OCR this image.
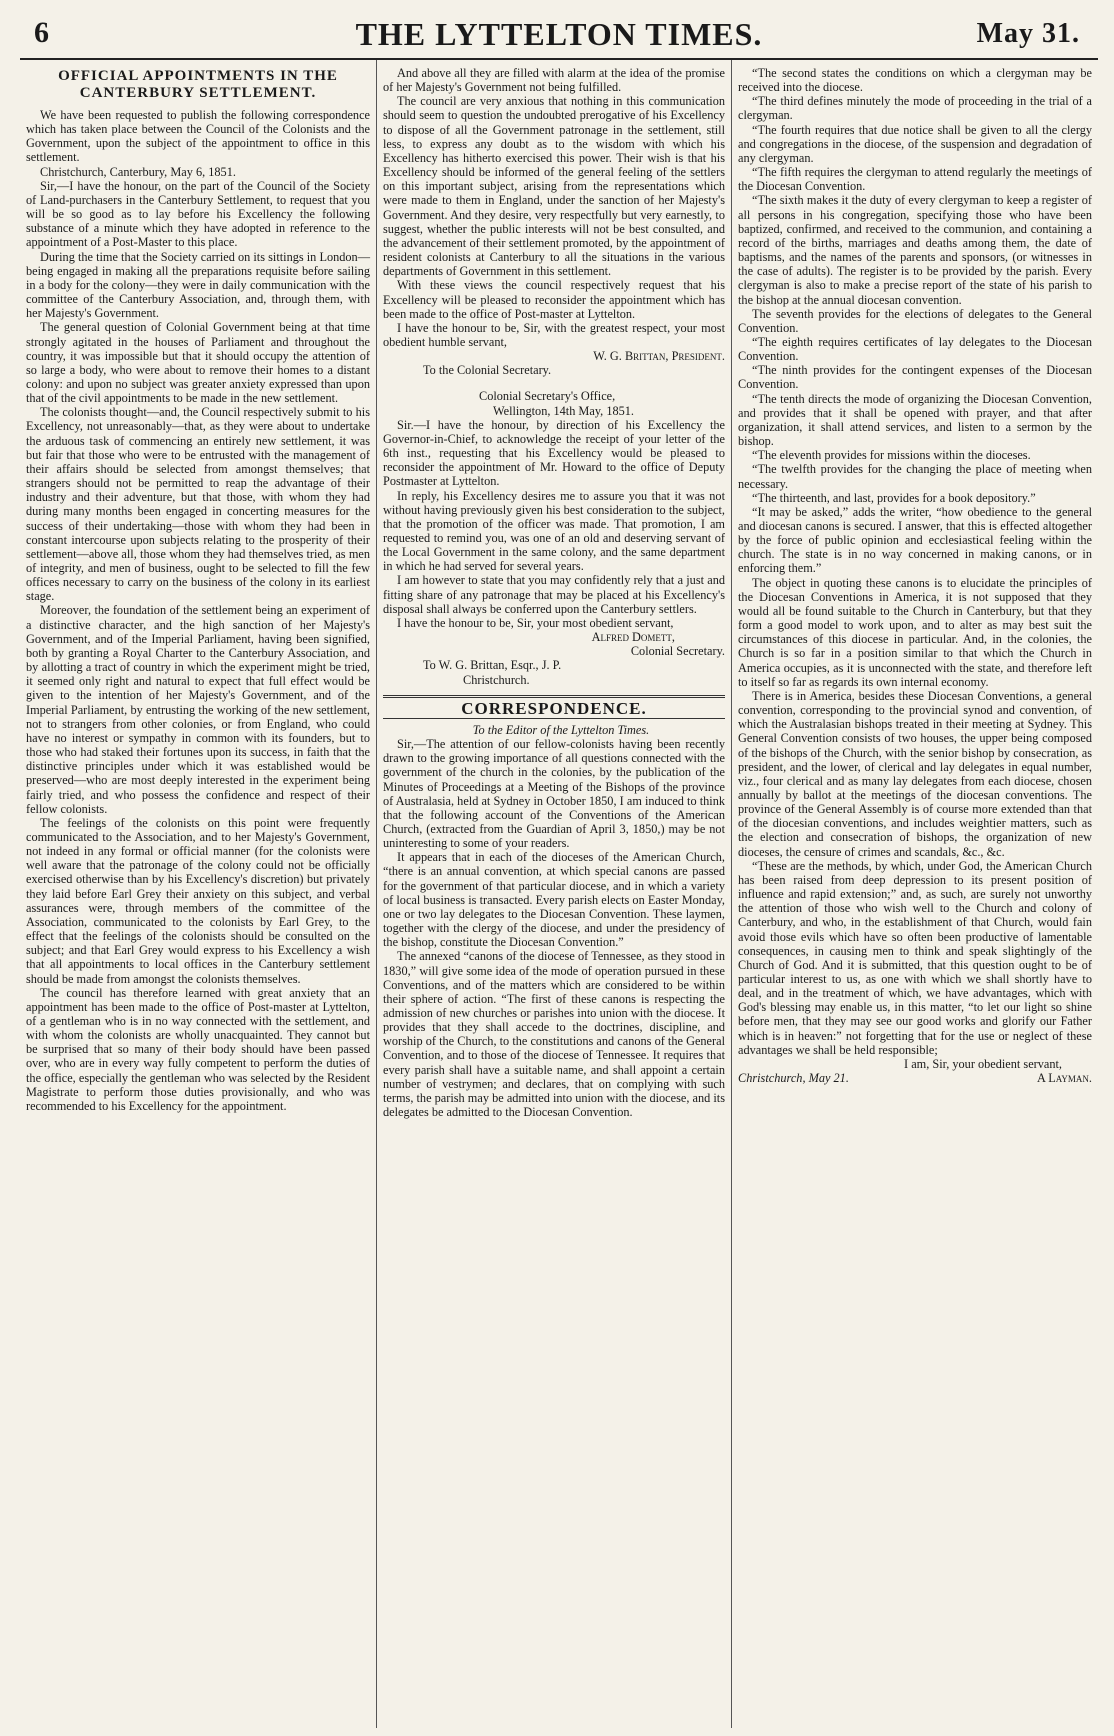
6	THE LYTTELTON TIMES.	May 31.
OFFICIAL APPOINTMENTS IN THE CANTERBURY SETTLEMENT.

We have been requested to publish the following correspondence which has taken place between the Council of the Colonists and the Government, upon the subject of the appointment to office in this settlement.

Christchurch, Canterbury, May 6, 1851.

Sir,—I have the honour, on the part of the Council of the Society of Land-purchasers in the Canterbury Settlement, to request that you will be so good as to lay before his Excellency the following substance of a minute which they have adopted in reference to the appointment of a Post-Master to this place.

During the time that the Society carried on its sittings in London—being engaged in making all the preparations requisite before sailing in a body for the colony—they were in daily communication with the committee of the Canterbury Association, and, through them, with her Majesty's Government.

The general question of Colonial Government being at that time strongly agitated in the houses of Parliament and throughout the country, it was impossible but that it should occupy the attention of so large a body, who were about to remove their homes to a distant colony: and upon no subject was greater anxiety expressed than upon that of the civil appointments to be made in the new settlement.

The colonists thought—and, the Council respectively submit to his Excellency, not unreasonably—that, as they were about to undertake the arduous task of commencing an entirely new settlement, it was but fair that those who were to be entrusted with the management of their affairs should be selected from amongst themselves; that strangers should not be permitted to reap the advantage of their industry and their adventure, but that those, with whom they had during many months been engaged in concerting measures for the success of their undertaking—those with whom they had been in constant intercourse upon subjects relating to the prosperity of their settlement—above all, those whom they had themselves tried, as men of integrity, and men of business, ought to be selected to fill the few offices necessary to carry on the business of the colony in its earliest stage.

Moreover, the foundation of the settlement being an experiment of a distinctive character, and the high sanction of her Majesty's Government, and of the Imperial Parliament, having been signified, both by granting a Royal Charter to the Canterbury Association, and by allotting a tract of country in which the experiment might be tried, it seemed only right and natural to expect that full effect would be given to the intention of her Majesty's Government, and of the Imperial Parliament, by entrusting the working of the new settlement, not to strangers from other colonies, or from England, who could have no interest or sympathy in common with its founders, but to those who had staked their fortunes upon its success, in faith that the distinctive principles under which it was established would be preserved—who are most deeply interested in the experiment being fairly tried, and who possess the confidence and respect of their fellow colonists.

The feelings of the colonists on this point were frequently communicated to the Association, and to her Majesty's Government, not indeed in any formal or official manner (for the colonists were well aware that the patronage of the colony could not be officially exercised otherwise than by his Excellency's discretion) but privately they laid before Earl Grey their anxiety on this subject, and verbal assurances were, through members of the committee of the Association, communicated to the colonists by Earl Grey, to the effect that the feelings of the colonists should be consulted on the subject; and that Earl Grey would express to his Excellency a wish that all appointments to local offices in the Canterbury settlement should be made from amongst the colonists themselves.

The council has therefore learned with great anxiety that an appointment has been made to the office of Post-master at Lyttelton, of a gentleman who is in no way connected with the settlement, and with whom the colonists are wholly unacquainted. They cannot but be surprised that so many of their body should have been passed over, who are in every way fully competent to perform the duties of the office, especially the gentleman who was selected by the Resident Magistrate to perform those duties provisionally, and who was recommended to his Excellency for the appointment.

And above all they are filled with alarm at the idea of the promise of her Majesty's Government not being fulfilled.

The council are very anxious that nothing in this communication should seem to question the undoubted prerogative of his Excellency to dispose of all the Government patronage in the settlement, still less, to express any doubt as to the wisdom with which his Excellency has hitherto exercised this power. Their wish is that his Excellency should be informed of the general feeling of the settlers on this important subject, arising from the representations which were made to them in England, under the sanction of her Majesty's Government. And they desire, very respectfully but very earnestly, to suggest, whether the public interests will not be best consulted, and the advancement of their settlement promoted, by the appointment of resident colonists at Canterbury to all the situations in the various departments of Government in this settlement.

With these views the council respectively request that his Excellency will be pleased to reconsider the appointment which has been made to the office of Post-master at Lyttelton.

I have the honour to be, Sir, with the greatest respect, your most obedient humble servant,

W. G. Brittan, President.

To the Colonial Secretary.

Colonial Secretary's Office,

Wellington, 14th May, 1851.

Sir.—I have the honour, by direction of his Excellency the Governor-in-Chief, to acknowledge the receipt of your letter of the 6th inst., requesting that his Excellency would be pleased to reconsider the appointment of Mr. Howard to the office of Deputy Postmaster at Lyttelton.

In reply, his Excellency desires me to assure you that it was not without having previously given his best consideration to the subject, that the promotion of the officer was made. That promotion, I am requested to remind you, was one of an old and deserving servant of the Local Government in the same colony, and the same department in which he had served for several years.

I am however to state that you may confidently rely that a just and fitting share of any patronage that may be placed at his Excellency's disposal shall always be conferred upon the Canterbury settlers.

I have the honour to be, Sir, your most obedient servant,

Alfred Domett,

Colonial Secretary.

To W. G. Brittan, Esqr., J. P.

Christchurch.

CORRESPONDENCE.

To the Editor of the Lyttelton Times.

Sir,—The attention of our fellow-colonists having been recently drawn to the growing importance of all questions connected with the government of the church in the colonies, by the publication of the Minutes of Proceedings at a Meeting of the Bishops of the province of Australasia, held at Sydney in October 1850, I am induced to think that the following account of the Conventions of the American Church, (extracted from the Guardian of April 3, 1850,) may be not uninteresting to some of your readers.

It appears that in each of the dioceses of the American Church, “there is an annual convention, at which special canons are passed for the government of that particular diocese, and in which a variety of local business is transacted. Every parish elects on Easter Monday, one or two lay delegates to the Diocesan Convention. These laymen, together with the clergy of the diocese, and under the presidency of the bishop, constitute the Diocesan Convention.”

The annexed “canons of the diocese of Tennessee, as they stood in 1830,” will give some idea of the mode of operation pursued in these Conventions, and of the matters which are considered to be within their sphere of action. “The first of these canons is respecting the admission of new churches or parishes into union with the diocese. It provides that they shall accede to the doctrines, discipline, and worship of the Church, to the constitutions and canons of the General Convention, and to those of the diocese of Tennessee. It requires that every parish shall have a suitable name, and shall appoint a certain number of vestrymen; and declares, that on complying with such terms, the parish may be admitted into union with the diocese, and its delegates be admitted to the Diocesan Convention.

“The second states the conditions on which a clergyman may be received into the diocese.

“The third defines minutely the mode of proceeding in the trial of a clergyman.

“The fourth requires that due notice shall be given to all the clergy and congregations in the diocese, of the suspension and degradation of any clergyman.

“The fifth requires the clergyman to attend regularly the meetings of the Diocesan Convention.

“The sixth makes it the duty of every clergyman to keep a register of all persons in his congregation, specifying those who have been baptized, confirmed, and received to the communion, and containing a record of the births, marriages and deaths among them, the date of baptisms, and the names of the parents and sponsors, (or witnesses in the case of adults). The register is to be provided by the parish. Every clergyman is also to make a precise report of the state of his parish to the bishop at the annual diocesan convention.

The seventh provides for the elections of delegates to the General Convention.

“The eighth requires certificates of lay delegates to the Diocesan Convention.

“The ninth provides for the contingent expenses of the Diocesan Convention.

“The tenth directs the mode of organizing the Diocesan Convention, and provides that it shall be opened with prayer, and that after organization, it shall attend services, and listen to a sermon by the bishop.

“The eleventh provides for missions within the dioceses.

“The twelfth provides for the changing the place of meeting when necessary.

“The thirteenth, and last, provides for a book depository.”

“It may be asked,” adds the writer, “how obedience to the general and diocesan canons is secured. I answer, that this is effected altogether by the force of public opinion and ecclesiastical feeling within the church. The state is in no way concerned in making canons, or in enforcing them.”

The object in quoting these canons is to elucidate the principles of the Diocesan Conventions in America, it is not supposed that they would all be found suitable to the Church in Canterbury, but that they form a good model to work upon, and to alter as may best suit the circumstances of this diocese in particular. And, in the colonies, the Church is so far in a position similar to that which the Church in America occupies, as it is unconnected with the state, and therefore left to itself so far as regards its own internal economy.

There is in America, besides these Diocesan Conventions, a general convention, corresponding to the provincial synod and convention, of which the Australasian bishops treated in their meeting at Sydney. This General Convention consists of two houses, the upper being composed of the bishops of the Church, with the senior bishop by consecration, as president, and the lower, of clerical and lay delegates in equal number, viz., four clerical and as many lay delegates from each diocese, chosen annually by ballot at the meetings of the diocesan conventions. The province of the General Assembly is of course more extended than that of the diocesian conventions, and includes weightier matters, such as the election and consecration of bishops, the organization of new dioceses, the censure of crimes and scandals, &c., &c.

“These are the methods, by which, under God, the American Church has been raised from deep depression to its present position of influence and rapid extension;” and, as such, are surely not unworthy the attention of those who wish well to the Church and colony of Canterbury, and who, in the establishment of that Church, would fain avoid those evils which have so often been productive of lamentable consequences, in causing men to think and speak slightingly of the Church of God. And it is submitted, that this question ought to be of particular interest to us, as one with which we shall shortly have to deal, and in the treatment of which, we have advantages, which with God's blessing may enable us, in this matter, “to let our light so shine before men, that they may see our good works and glorify our Father which is in heaven:” not forgetting that for the use or neglect of these advantages we shall be held responsible;

I am, Sir, your obedient servant,

Christchurch, May 21.	A Layman.
